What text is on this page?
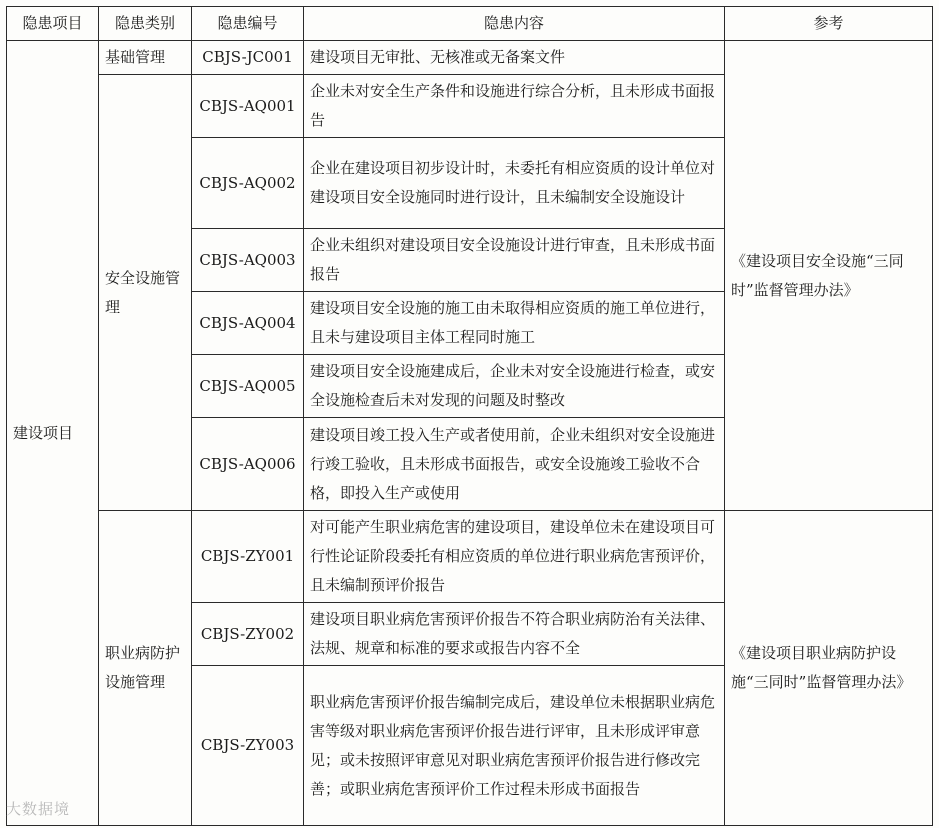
隐患项目	隐患类别	隐患编号	隐患内容	参考
建设项目	基础管理	CBJS-JC001	建设项目无审批、无核准或无备案文件	《建设项目安全设施“三同时”监督管理办法》
	安全设施管理	CBJS-AQ001	企业未对安全生产条件和设施进行综合分析，且未形成书面报告	
		CBJS-AQ002	企业在建设项目初步设计时，未委托有相应资质的设计单位对建设项目安全设施同时进行设计，且未编制安全设施设计	
		CBJS-AQ003	企业未组织对建设项目安全设施设计进行审查，且未形成书面报告	
		CBJS-AQ004	建设项目安全设施的施工由未取得相应资质的施工单位进行，且未与建设项目主体工程同时施工	
		CBJS-AQ005	建设项目安全设施建成后，企业未对安全设施进行检查，或安全设施检查后未对发现的问题及时整改	
		CBJS-AQ006	建设项目竣工投入生产或者使用前，企业未组织对安全设施进行竣工验收，且未形成书面报告，或安全设施竣工验收不合格，即投入生产或使用	
	职业病防护设施管理	CBJS-ZY001	对可能产生职业病危害的建设项目，建设单位未在建设项目可行性论证阶段委托有相应资质的单位进行职业病危害预评价，且未编制预评价报告	《建设项目职业病防护设施“三同时”监督管理办法》
		CBJS-ZY002	建设项目职业病危害预评价报告不符合职业病防治有关法律、法规、规章和标准的要求或报告内容不全	
		CBJS-ZY003	职业病危害预评价报告编制完成后，建设单位未根据职业病危害等级对职业病危害预评价报告进行评审，且未形成评审意见；或未按照评审意见对职业病危害预评价报告进行修改完善；或职业病危害预评价工作过程未形成书面报告	
大数据境
